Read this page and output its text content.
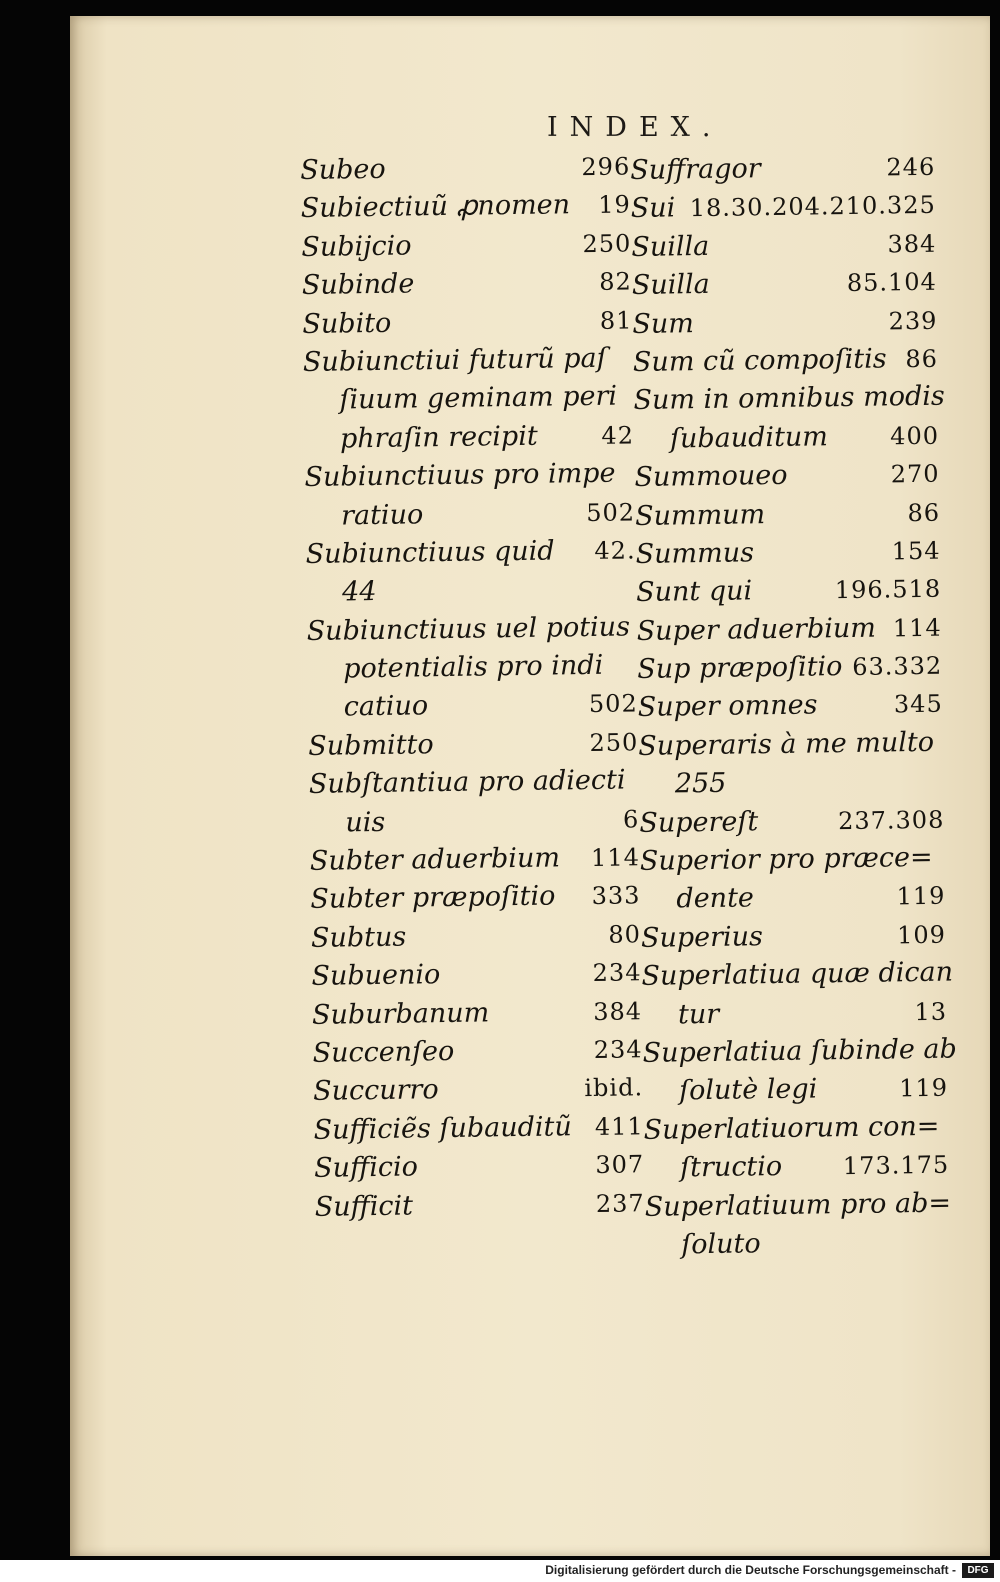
INDEX.
Subeo	296
Subiectiuũ ꝓnomen 19
Subijcio	250
Subinde	82
Subito	81
Subiunctiui futurũ paſ
ſiuum geminam peri
phraſin recipit	42
Subiunctiuus pro impe
ratiuo	502
Subiunctiuus quid 42.
44
Subiunctiuus uel potius
potentialis pro indi
catiuo	502
Submitto	250
Subſtantiua pro adiecti
uis	6
Subter aduerbium 114
Subter præpoſitio 333
Subtus	80
Subuenio	234
Suburbanum	384
Succenſeo	234
Succurro	ibid.
Sufficiẽs ſubauditũ 411
Sufficio	307
Sufficit	237
Suffragor	246
Sui 18.30.204.210.325
Suilla	384
Suilla	85.104
Sum	239
Sum cũ compoſitis 86
Sum in omnibus modis
ſubauditum	400
Summoueo	270
Summum	86
Summus	154
Sunt qui	196.518
Super aduerbium 114
Sup præpoſitio 63.332
Super omnes	345
Superaris à me multo
255
Supereſt	237.308
Superior pro præce=
dente	119
Superius	109
Superlatiua quæ dican
tur	13
Superlatiua ſubinde ab
ſolutè legi	119
Superlatiuorum con=
ſtructio	173.175
Superlatiuum pro ab=
ſoluto
Digitalisierung gefördert durch die Deutsche Forschungsgemeinschaft -	DFG
